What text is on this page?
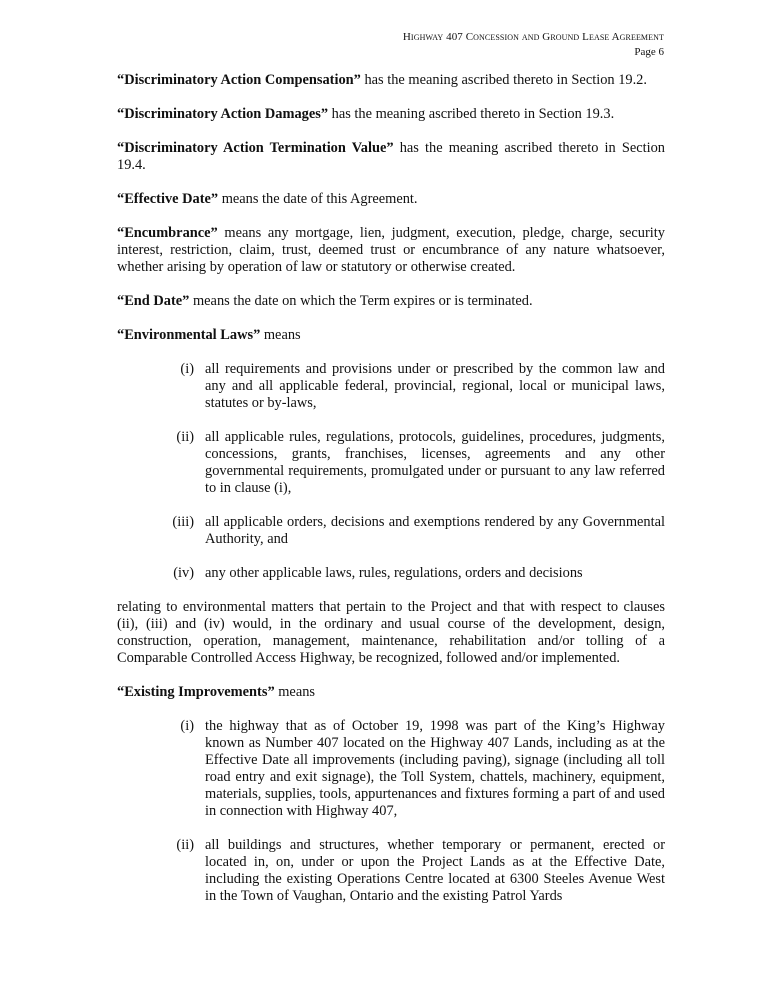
Highway 407 Concession and Ground Lease Agreement
Page 6

“Discriminatory Action Compensation” has the meaning ascribed thereto in Section 19.2.

“Discriminatory Action Damages” has the meaning ascribed thereto in Section 19.3.

“Discriminatory Action Termination Value” has the meaning ascribed thereto in Section 19.4.

“Effective Date” means the date of this Agreement.

“Encumbrance” means any mortgage, lien, judgment, execution, pledge, charge, security interest, restriction, claim, trust, deemed trust or encumbrance of any nature whatsoever, whether arising by operation of law or statutory or otherwise created.

“End Date” means the date on which the Term expires or is terminated.

“Environmental Laws” means

(i) all requirements and provisions under or prescribed by the common law and any and all applicable federal, provincial, regional, local or municipal laws, statutes or by-laws,
(ii) all applicable rules, regulations, protocols, guidelines, procedures, judgments, concessions, grants, franchises, licenses, agreements and any other governmental requirements, promulgated under or pursuant to any law referred to in clause (i),
(iii) all applicable orders, decisions and exemptions rendered by any Governmental Authority, and
(iv) any other applicable laws, rules, regulations, orders and decisions

relating to environmental matters that pertain to the Project and that with respect to clauses (ii), (iii) and (iv) would, in the ordinary and usual course of the development, design, construction, operation, management, maintenance, rehabilitation and/or tolling of a Comparable Controlled Access Highway, be recognized, followed and/or implemented.

“Existing Improvements” means

(i) the highway that as of October 19, 1998 was part of the King’s Highway known as Number 407 located on the Highway 407 Lands, including as at the Effective Date all improvements (including paving), signage (including all toll road entry and exit signage), the Toll System, chattels, machinery, equipment, materials, supplies, tools, appurtenances and fixtures forming a part of and used in connection with Highway 407,
(ii) all buildings and structures, whether temporary or permanent, erected or located in, on, under or upon the Project Lands as at the Effective Date, including the existing Operations Centre located at 6300 Steeles Avenue West in the Town of Vaughan, Ontario and the existing Patrol Yards
